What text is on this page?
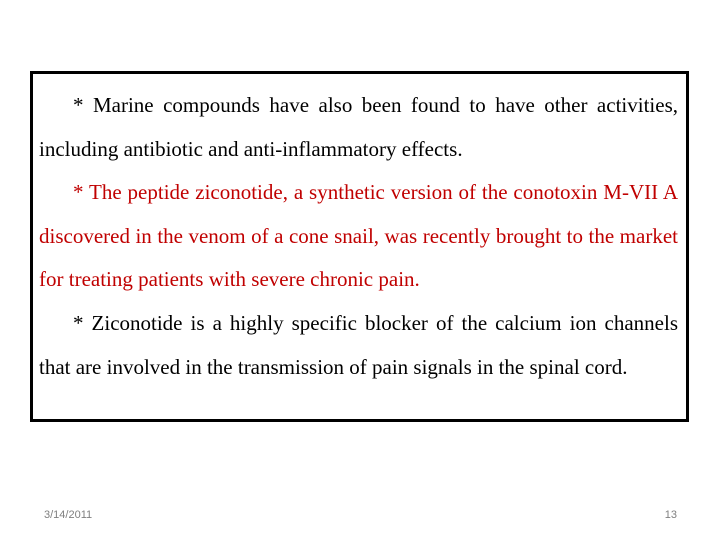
* Marine compounds have also been found to have other activities, including antibiotic and anti-inflammatory effects.

* The peptide ziconotide, a synthetic version of the conotoxin M-VII A discovered in the venom of a cone snail, was recently brought to the market for treating patients with severe chronic pain.

* Ziconotide is a highly specific blocker of the calcium ion channels that are involved in the transmission of pain signals in the spinal cord.

3/14/2011	13
